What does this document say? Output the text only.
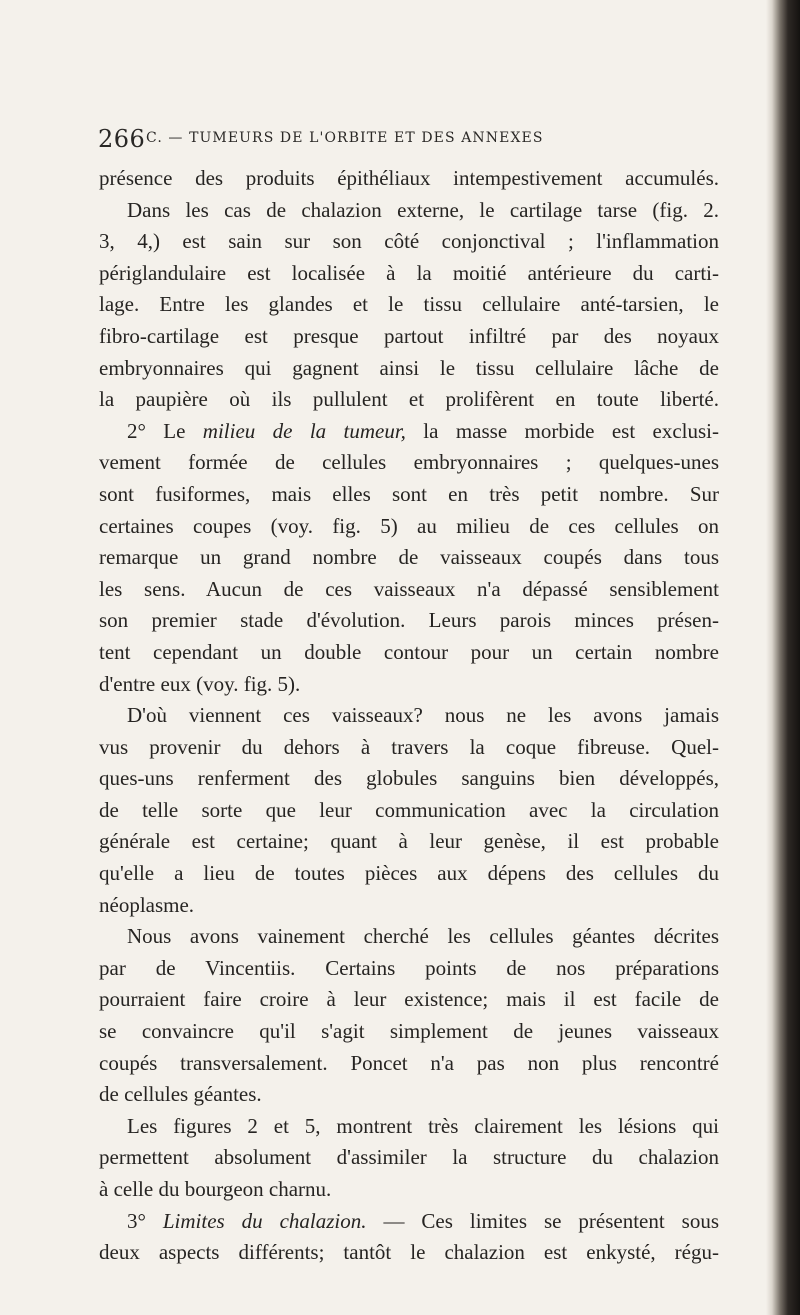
266 C. — TUMEURS DE L'ORBITE ET DES ANNEXES
présence des produits épithéliaux intempestivement accumulés.
Dans les cas de chalazion externe, le cartilage tarse (fig. 2.
3, 4,) est sain sur son côté conjonctival ; l'inflammation
périglandulaire est localisée à la moitié antérieure du carti-
lage. Entre les glandes et le tissu cellulaire anté-tarsien, le
fibro-cartilage est presque partout infiltré par des noyaux
embryonnaires qui gagnent ainsi le tissu cellulaire lâche de
la paupière où ils pullulent et prolifèrent en toute liberté.
2° Le milieu de la tumeur, la masse morbide est exclusi-
vement formée de cellules embryonnaires ; quelques-unes
sont fusiformes, mais elles sont en très petit nombre. Sur
certaines coupes (voy. fig. 5) au milieu de ces cellules on
remarque un grand nombre de vaisseaux coupés dans tous
les sens. Aucun de ces vaisseaux n'a dépassé sensiblement
son premier stade d'évolution. Leurs parois minces présen-
tent cependant un double contour pour un certain nombre
d'entre eux (voy. fig. 5).
D'où viennent ces vaisseaux? nous ne les avons jamais
vus provenir du dehors à travers la coque fibreuse. Quel-
ques-uns renferment des globules sanguins bien développés,
de telle sorte que leur communication avec la circulation
générale est certaine; quant à leur genèse, il est probable
qu'elle a lieu de toutes pièces aux dépens des cellules du
néoplasme.
Nous avons vainement cherché les cellules géantes décrites
par de Vincentiis. Certains points de nos préparations
pourraient faire croire à leur existence; mais il est facile de
se convaincre qu'il s'agit simplement de jeunes vaisseaux
coupés transversalement. Poncet n'a pas non plus rencontré
de cellules géantes.
Les figures 2 et 5, montrent très clairement les lésions qui
permettent absolument d'assimiler la structure du chalazion
à celle du bourgeon charnu.
3° Limites du chalazion. — Ces limites se présentent sous
deux aspects différents; tantôt le chalazion est enkysté, régu-
